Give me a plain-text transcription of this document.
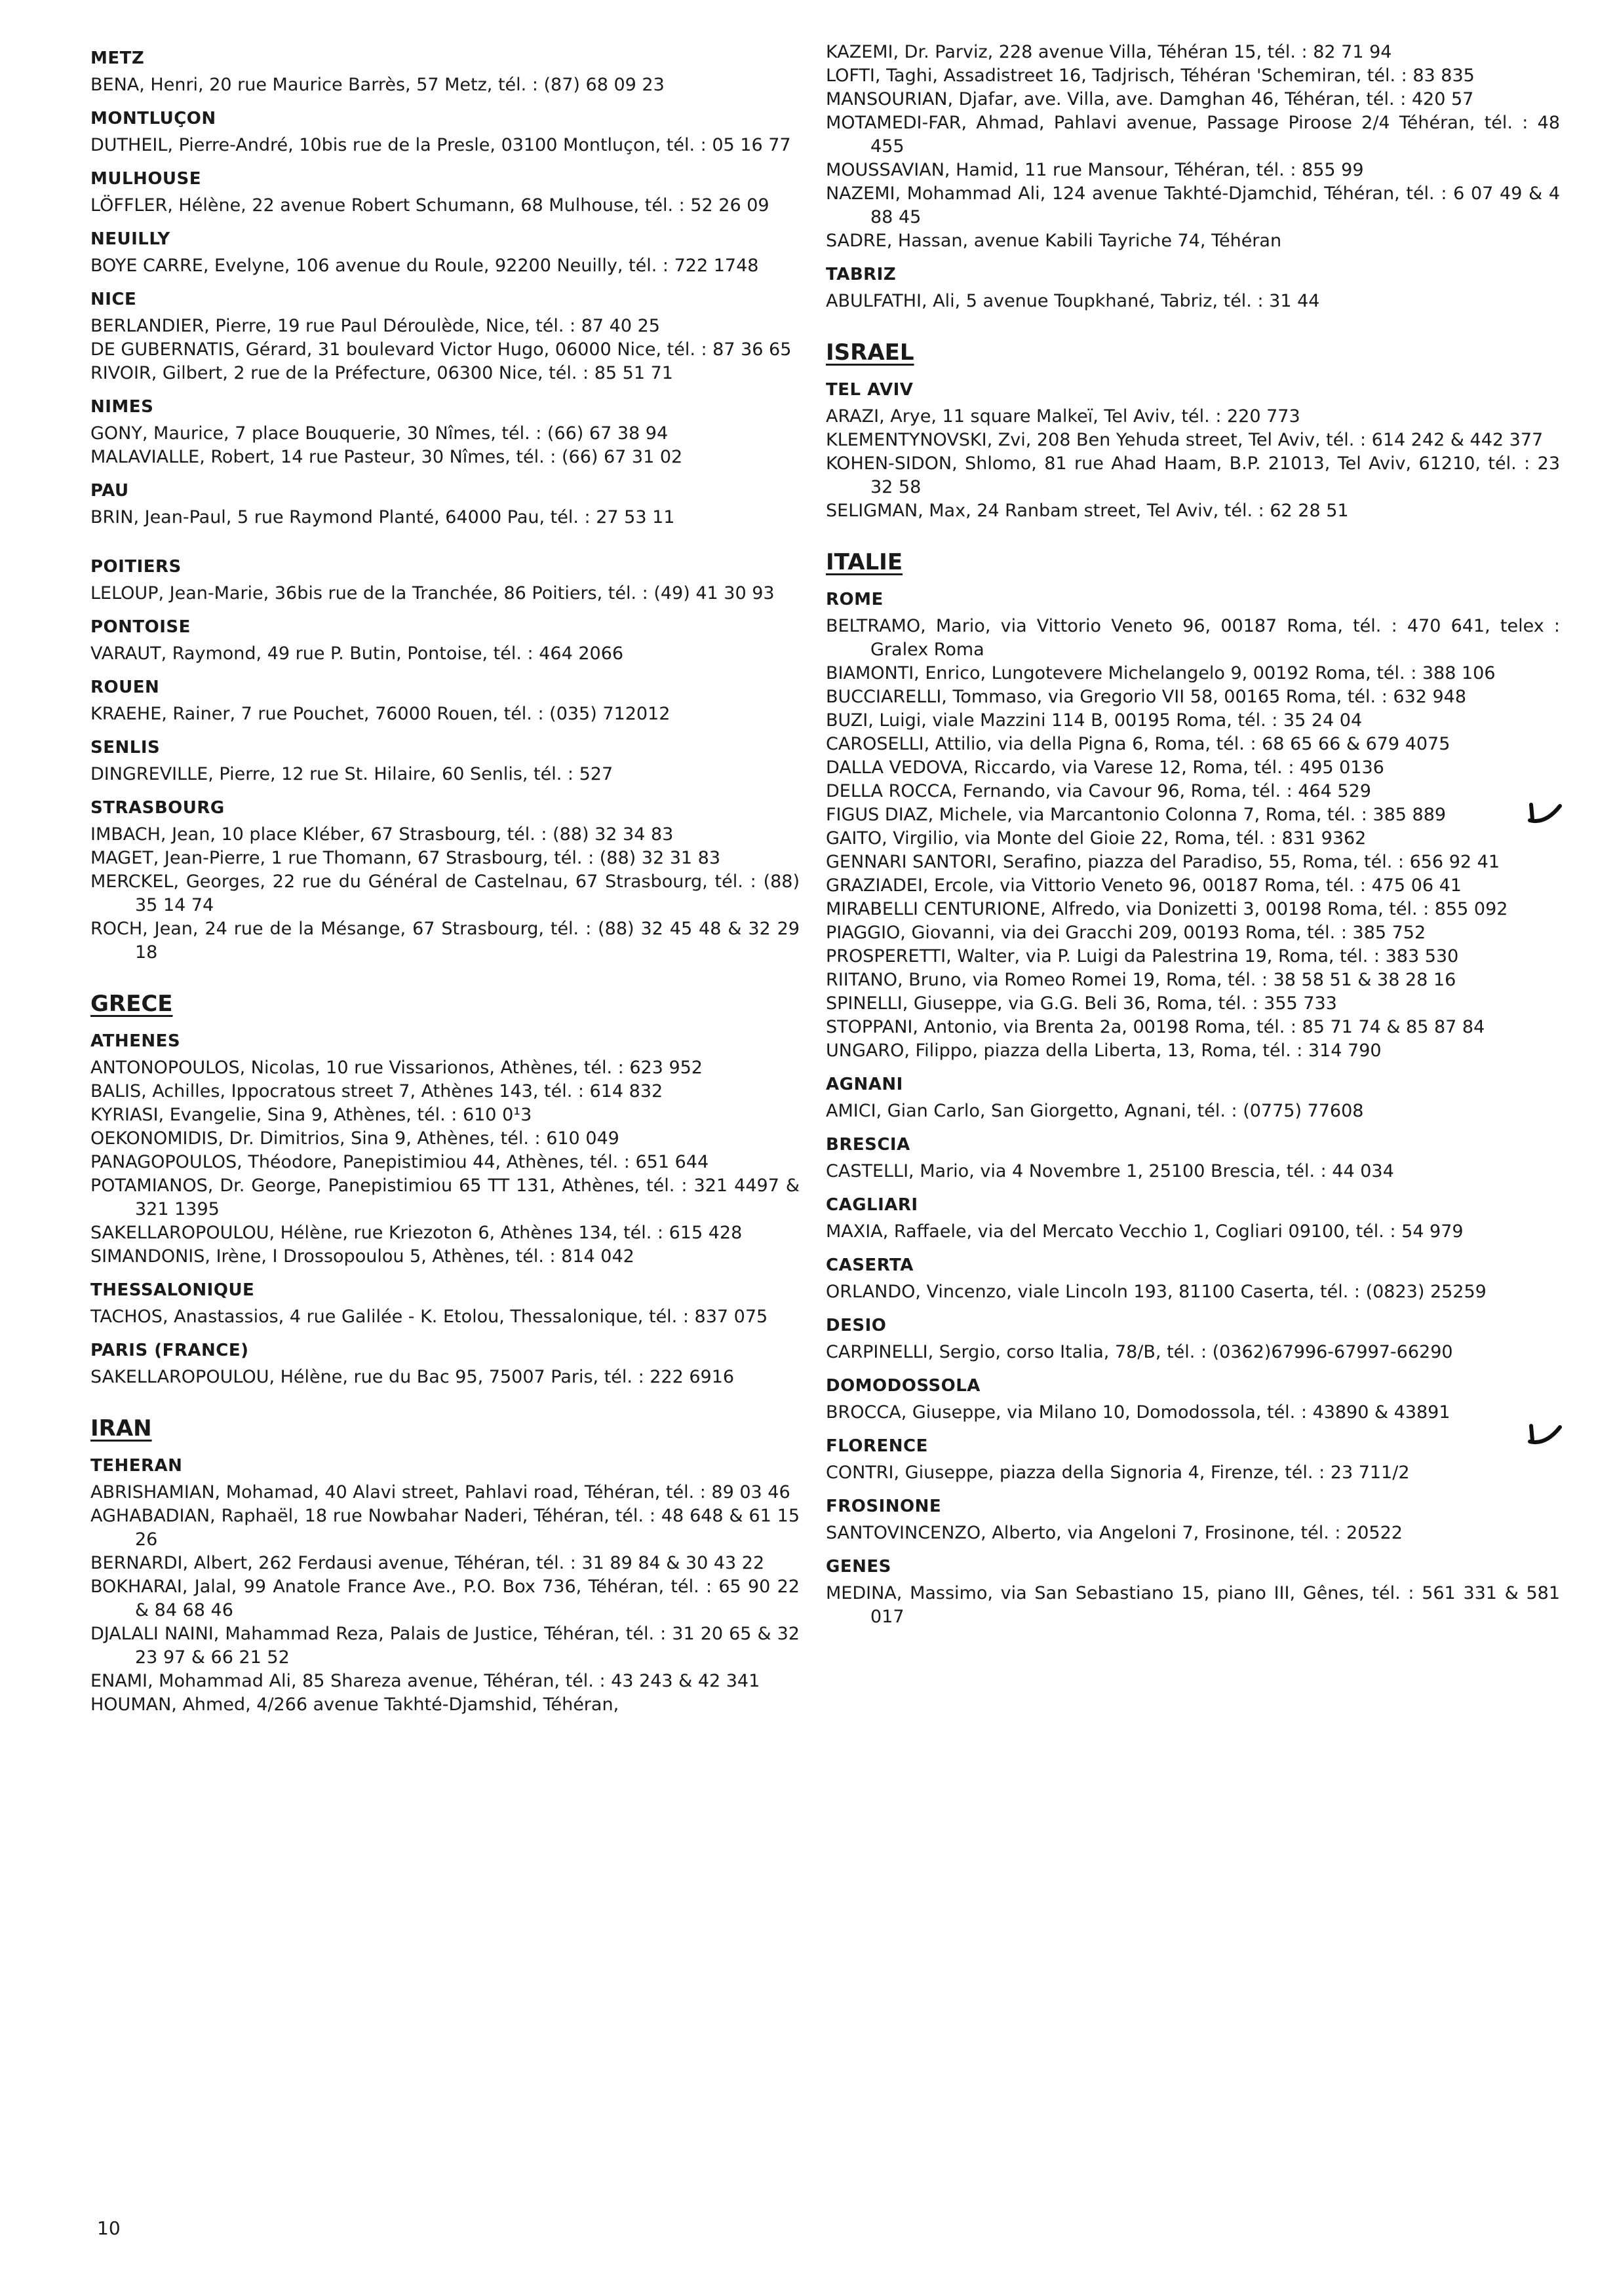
METZ
BENA, Henri, 20 rue Maurice Barrès, 57 Metz, tél. : (87) 68 09 23
MONTLUÇON
DUTHEIL, Pierre-André, 10bis rue de la Presle, 03100 Montluçon, tél. : 05 16 77
MULHOUSE
LÖFFLER, Hélène, 22 avenue Robert Schumann, 68 Mulhouse, tél. : 52 26 09
NEUILLY
BOYE CARRE, Evelyne, 106 avenue du Roule, 92200 Neuilly, tél. : 722 1748
NICE
BERLANDIER, Pierre, 19 rue Paul Déroulède, Nice, tél. : 87 40 25
DE GUBERNATIS, Gérard, 31 boulevard Victor Hugo, 06000 Nice, tél. : 87 36 65
RIVOIR, Gilbert, 2 rue de la Préfecture, 06300 Nice, tél. : 85 51 71
NIMES
GONY, Maurice, 7 place Bouquerie, 30 Nîmes, tél. : (66) 67 38 94
MALAVIALLE, Robert, 14 rue Pasteur, 30 Nîmes, tél. : (66) 67 31 02
PAU
BRIN, Jean-Paul, 5 rue Raymond Planté, 64000 Pau, tél. : 27 53 11
POITIERS
LELOUP, Jean-Marie, 36bis rue de la Tranchée, 86 Poitiers, tél. : (49) 41 30 93
PONTOISE
VARAUT, Raymond, 49 rue P. Butin, Pontoise, tél. : 464 2066
ROUEN
KRAEHE, Rainer, 7 rue Pouchet, 76000 Rouen, tél. : (035) 712012
SENLIS
DINGREVILLE, Pierre, 12 rue St. Hilaire, 60 Senlis, tél. : 527
STRASBOURG
IMBACH, Jean, 10 place Kléber, 67 Strasbourg, tél. : (88) 32 34 83
MAGET, Jean-Pierre, 1 rue Thomann, 67 Strasbourg, tél. : (88) 32 31 83
MERCKEL, Georges, 22 rue du Général de Castelnau, 67 Strasbourg, tél. : (88) 35 14 74
ROCH, Jean, 24 rue de la Mésange, 67 Strasbourg, tél. : (88) 32 45 48 & 32 29 18
GRECE
ATHENES
ANTONOPOULOS, Nicolas, 10 rue Vissarionos, Athènes, tél. : 623 952
BALIS, Achilles, Ippocratous street 7, Athènes 143, tél. : 614 832
KYRIASI, Evangelie, Sina 9, Athènes, tél. : 610 0¹3
OEKONOMIDIS, Dr. Dimitrios, Sina 9, Athènes, tél. : 610 049
PANAGOPOULOS, Théodore, Panepistimiou 44, Athènes, tél. : 651 644
POTAMIANOS, Dr. George, Panepistimiou 65 TT 131, Athènes, tél. : 321 4497 & 321 1395
SAKELLAROPOULOU, Hélène, rue Kriezoton 6, Athènes 134, tél. : 615 428
SIMANDONIS, Irène, I Drossopoulou 5, Athènes, tél. : 814 042
THESSALONIQUE
TACHOS, Anastassios, 4 rue Galilée - K. Etolou, Thessalonique, tél. : 837 075
PARIS (FRANCE)
SAKELLAROPOULOU, Hélène, rue du Bac 95, 75007 Paris, tél. : 222 6916
IRAN
TEHERAN
ABRISHAMIAN, Mohamad, 40 Alavi street, Pahlavi road, Téhéran, tél. : 89 03 46
AGHABADIAN, Raphaël, 18 rue Nowbahar Naderi, Téhéran, tél. : 48 648 & 61 15 26
BERNARDI, Albert, 262 Ferdausi avenue, Téhéran, tél. : 31 89 84 & 30 43 22
BOKHARAI, Jalal, 99 Anatole France Ave., P.O. Box 736, Téhéran, tél. : 65 90 22 & 84 68 46
DJALALI NAINI, Mahammad Reza, Palais de Justice, Téhéran, tél. : 31 20 65 & 32 23 97 & 66 21 52
ENAMI, Mohammad Ali, 85 Shareza avenue, Téhéran, tél. : 43 243 & 42 341
HOUMAN, Ahmed, 4/266 avenue Takhté-Djamshid, Téhéran,
KAZEMI, Dr. Parviz, 228 avenue Villa, Téhéran 15, tél. : 82 71 94
LOFTI, Taghi, Assadistreet 16, Tadjrisch, Téhéran 'Schemiran, tél. : 83 835
MANSOURIAN, Djafar, ave. Villa, ave. Damghan 46, Téhéran, tél. : 420 57
MOTAMEDI-FAR, Ahmad, Pahlavi avenue, Passage Piroose 2/4 Téhéran, tél. : 48 455
MOUSSAVIAN, Hamid, 11 rue Mansour, Téhéran, tél. : 855 99
NAZEMI, Mohammad Ali, 124 avenue Takhté-Djamchid, Téhéran, tél. : 6 07 49 & 4 88 45
SADRE, Hassan, avenue Kabili Tayriche 74, Téhéran
TABRIZ
ABULFATHI, Ali, 5 avenue Toupkhané, Tabriz, tél. : 31 44
ISRAEL
TEL AVIV
ARAZI, Arye, 11 square Malkeï, Tel Aviv, tél. : 220 773
KLEMENTYNOVSKI, Zvi, 208 Ben Yehuda street, Tel Aviv, tél. : 614 242 & 442 377
KOHEN-SIDON, Shlomo, 81 rue Ahad Haam, B.P. 21013, Tel Aviv, 61210, tél. : 23 32 58
SELIGMAN, Max, 24 Ranbam street, Tel Aviv, tél. : 62 28 51
ITALIE
ROME
BELTRAMO, Mario, via Vittorio Veneto 96, 00187 Roma, tél. : 470 641, telex : Gralex Roma
BIAMONTI, Enrico, Lungotevere Michelangelo 9, 00192 Roma, tél. : 388 106
BUCCIARELLI, Tommaso, via Gregorio VII 58, 00165 Roma, tél. : 632 948
BUZI, Luigi, viale Mazzini 114 B, 00195 Roma, tél. : 35 24 04
CAROSELLI, Attilio, via della Pigna 6, Roma, tél. : 68 65 66 & 679 4075
DALLA VEDOVA, Riccardo, via Varese 12, Roma, tél. : 495 0136
DELLA ROCCA, Fernando, via Cavour 96, Roma, tél. : 464 529
FIGUS DIAZ, Michele, via Marcantonio Colonna 7, Roma, tél. : 385 889
GAITO, Virgilio, via Monte del Gioie 22, Roma, tél. : 831 9362
GENNARI SANTORI, Serafino, piazza del Paradiso, 55, Roma, tél. : 656 92 41
GRAZIADEI, Ercole, via Vittorio Veneto 96, 00187 Roma, tél. : 475 06 41
MIRABELLI CENTURIONE, Alfredo, via Donizetti 3, 00198 Roma, tél. : 855 092
PIAGGIO, Giovanni, via dei Gracchi 209, 00193 Roma, tél. : 385 752
PROSPERETTI, Walter, via P. Luigi da Palestrina 19, Roma, tél. : 383 530
RIITANO, Bruno, via Romeo Romei 19, Roma, tél. : 38 58 51 & 38 28 16
SPINELLI, Giuseppe, via G.G. Beli 36, Roma, tél. : 355 733
STOPPANI, Antonio, via Brenta 2a, 00198 Roma, tél. : 85 71 74 & 85 87 84
UNGARO, Filippo, piazza della Liberta, 13, Roma, tél. : 314 790
AGNANI
AMICI, Gian Carlo, San Giorgetto, Agnani, tél. : (0775) 77608
BRESCIA
CASTELLI, Mario, via 4 Novembre 1, 25100 Brescia, tél. : 44 034
CAGLIARI
MAXIA, Raffaele, via del Mercato Vecchio 1, Cogliari 09100, tél. : 54 979
CASERTA
ORLANDO, Vincenzo, viale Lincoln 193, 81100 Caserta, tél. : (0823) 25259
DESIO
CARPINELLI, Sergio, corso Italia, 78/B, tél. : (0362)67996-67997-66290
DOMODOSSOLA
BROCCA, Giuseppe, via Milano 10, Domodossola, tél. : 43890 & 43891
FLORENCE
CONTRI, Giuseppe, piazza della Signoria 4, Firenze, tél. : 23 711/2
FROSINONE
SANTOVINCENZO, Alberto, via Angeloni 7, Frosinone, tél. : 20522
GENES
MEDINA, Massimo, via San Sebastiano 15, piano III, Gênes, tél. : 561 331 & 581 017
10
